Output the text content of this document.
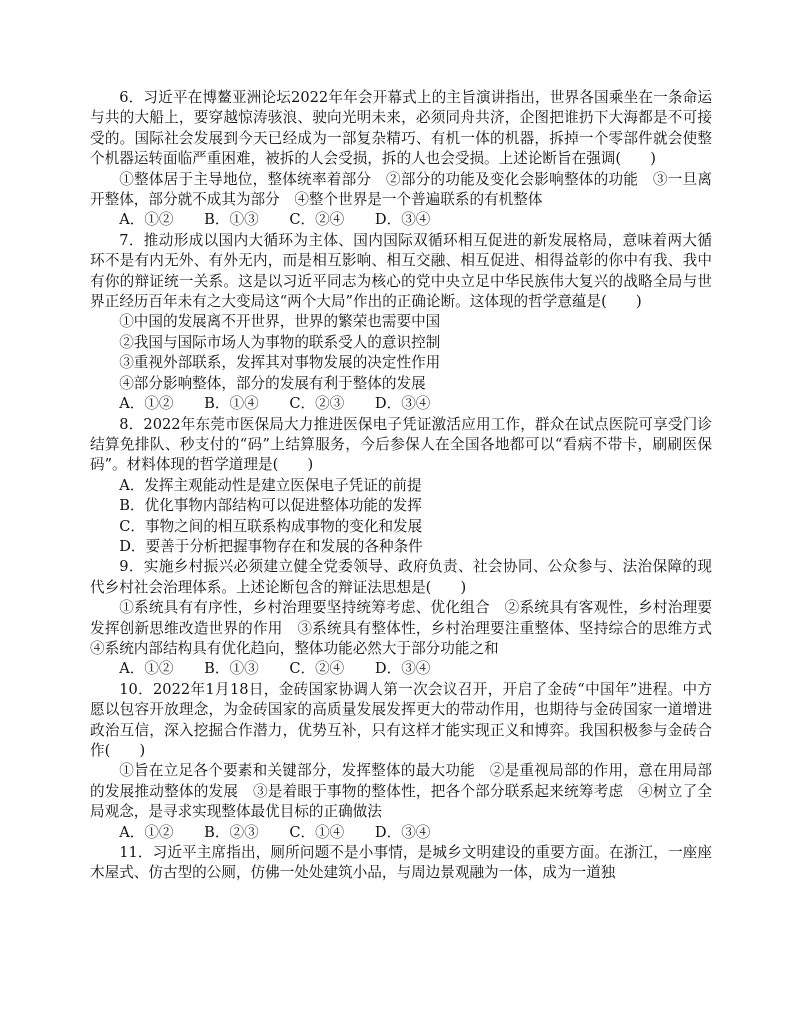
6．习近平在博鳌亚洲论坛2022年年会开幕式上的主旨演讲指出，世界各国乘坐在一条命运与共的大船上，要穿越惊涛骇浪、驶向光明未来，必须同舟共济，企图把谁扔下大海都是不可接受的。国际社会发展到今天已经成为一部复杂精巧、有机一体的机器，拆掉一个零部件就会使整个机器运转面临严重困难，被拆的人会受损，拆的人也会受损。上述论断旨在强调(　　)

①整体居于主导地位，整体统率着部分　②部分的功能及变化会影响整体的功能　③一旦离开整体，部分就不成其为部分　④整个世界是一个普遍联系的有机整体

A．①② B．①③ C．②④ D．③④

7．推动形成以国内大循环为主体、国内国际双循环相互促进的新发展格局，意味着两大循环不是有内无外、有外无内，而是相互影响、相互交融、相互促进、相得益彰的你中有我、我中有你的辩证统一关系。这是以习近平同志为核心的党中央立足中华民族伟大复兴的战略全局与世界正经历百年未有之大变局这“两个大局”作出的正确论断。这体现的哲学意蕴是(　　)

①中国的发展离不开世界，世界的繁荣也需要中国

②我国与国际市场人为事物的联系受人的意识控制

③重视外部联系，发挥其对事物发展的决定性作用

④部分影响整体，部分的发展有利于整体的发展

A．①② B．①④ C．②③ D．③④

8．2022年东莞市医保局大力推进医保电子凭证激活应用工作，群众在试点医院可享受门诊结算免排队、秒支付的“码”上结算服务，今后参保人在全国各地都可以“看病不带卡，刷刷医保码”。材料体现的哲学道理是(　　)

A．发挥主观能动性是建立医保电子凭证的前提

B．优化事物内部结构可以促进整体功能的发挥

C．事物之间的相互联系构成事物的变化和发展

D．要善于分析把握事物存在和发展的各种条件

9．实施乡村振兴必须建立健全党委领导、政府负责、社会协同、公众参与、法治保障的现代乡村社会治理体系。上述论断包含的辩证法思想是(　　)

①系统具有有序性，乡村治理要坚持统筹考虑、优化组合　②系统具有客观性，乡村治理要发挥创新思维改造世界的作用　③系统具有整体性，乡村治理要注重整体、坚持综合的思维方式　④系统内部结构具有优化趋向，整体功能必然大于部分功能之和

A．①② B．①③ C．②④ D．③④

10．2022年1月18日，金砖国家协调人第一次会议召开，开启了金砖“中国年”进程。中方愿以包容开放理念，为金砖国家的高质量发展发挥更大的带动作用，也期待与金砖国家一道增进政治互信，深入挖掘合作潜力，优势互补，只有这样才能实现正义和博弈。我国积极参与金砖合作(　　)

①旨在立足各个要素和关键部分，发挥整体的最大功能　②是重视局部的作用，意在用局部的发展推动整体的发展　③是着眼于事物的整体性，把各个部分联系起来统筹考虑　④树立了全局观念，是寻求实现整体最优目标的正确做法

A．①② B．②③ C．①④ D．③④

11．习近平主席指出，厕所问题不是小事情，是城乡文明建设的重要方面。在浙江，一座座木屋式、仿古型的公厕，仿佛一处处建筑小品，与周边景观融为一体，成为一道独
